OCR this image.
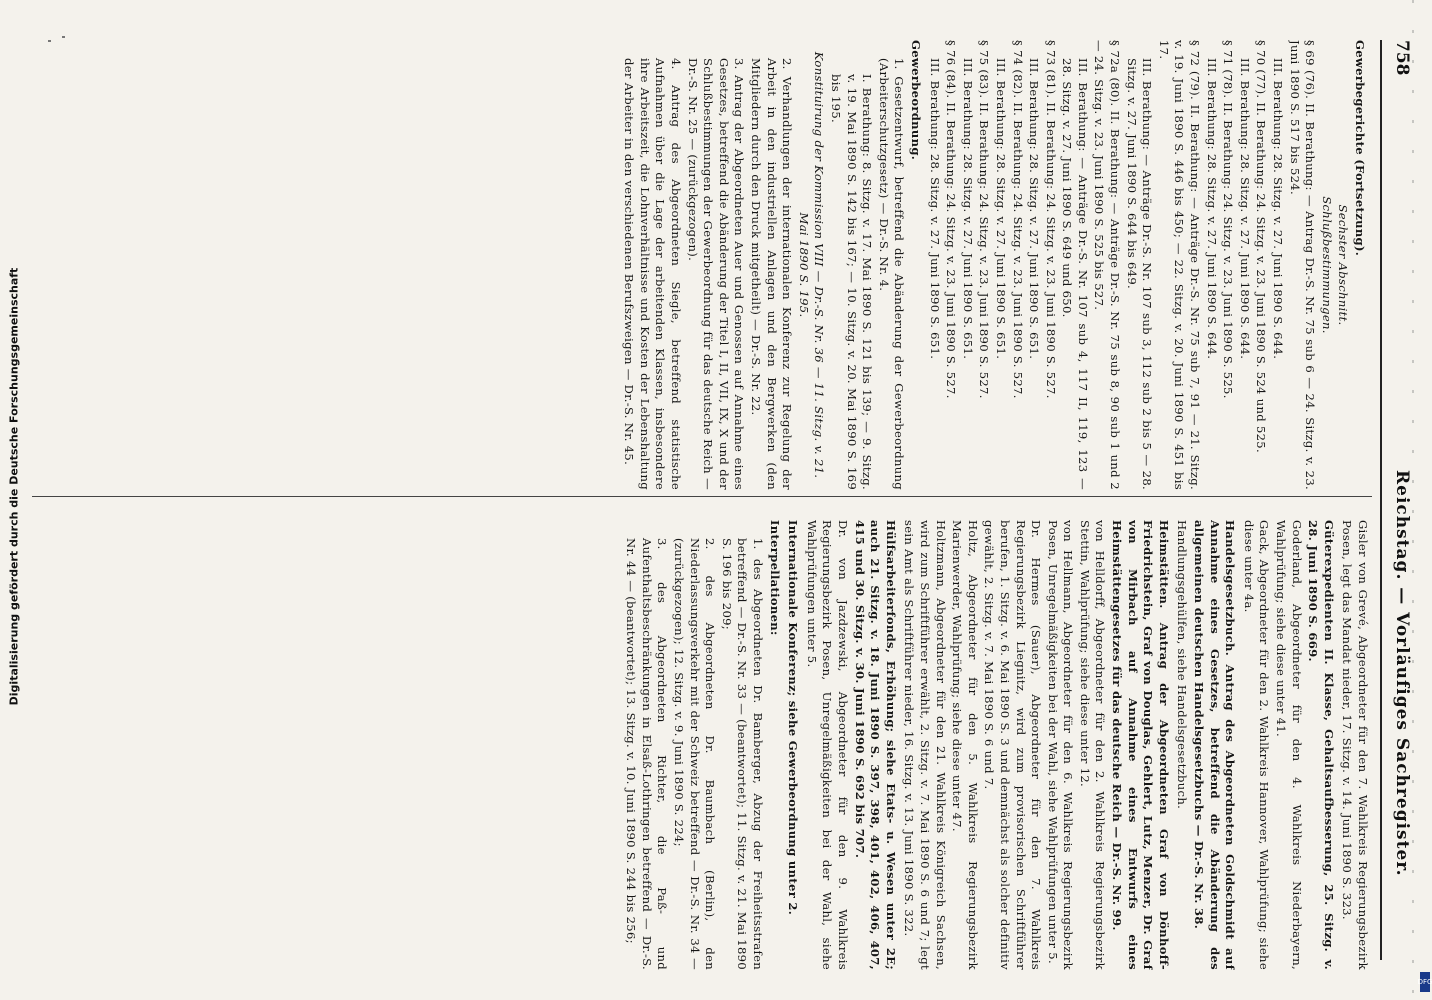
758
Reichstag. — Vorläufiges Sachregister.
Gewerbegerichte (Fortsetzung).
Sechster Abschnitt.
Schlußbestimmungen.
§ 69 (76). II. Berathung: — Antrag Dr.-S. Nr. 75 sub 6 — 24. Sitzg. v. 23. Juni 1890 S. 517 bis 524.
III. Berathung: 28. Sitzg. v. 27. Juni 1890 S. 644.
§ 70 (77). II. Berathung: 24. Sitzg. v. 23. Juni 1890 S. 524 und 525.
III. Berathung: 28. Sitzg. v. 27. Juni 1890 S. 644.
§ 71 (78). II. Berathung: 24. Sitzg. v. 23. Juni 1890 S. 525.
III. Berathung: 28. Sitzg. v. 27. Juni 1890 S. 644.
§ 72 (79). II. Berathung: — Anträge Dr.-S. Nr. 75 sub 7, 91 — 21. Sitzg. v. 19. Juni 1890 S. 446 bis 450; — 22. Sitzg. v. 20. Juni 1890 S. 451 bis 17.
III. Berathung: — Anträge Dr.-S. Nr. 107 sub 3, 112 sub 2 bis 5 — 28. Sitzg. v. 27. Juni 1890 S. 644 bis 649.
§ 72a (80). II. Berathung: — Anträge Dr.-S. Nr. 75 sub 8, 90 sub 1 und 2 — 24. Sitzg. v. 23. Juni 1890 S. 525 bis 527.
III. Berathung: — Anträge Dr.-S. Nr. 107 sub 4, 117 II, 119, 123 — 28. Sitzg. v. 27. Juni 1890 S. 649 und 650.
§ 73 (81). II. Berathung: 24. Sitzg. v. 23. Juni 1890 S. 527.
III. Berathung: 28. Sitzg. v. 27. Juni 1890 S. 651.
§ 74 (82). II. Berathung: 24. Sitzg. v. 23. Juni 1890 S. 527.
III. Berathung: 28. Sitzg. v. 27. Juni 1890 S. 651.
§ 75 (83). II. Berathung: 24. Sitzg. v. 23. Juni 1890 S. 527.
III. Berathung: 28. Sitzg. v. 27. Juni 1890 S. 651.
§ 76 (84). II. Berathung: 24. Sitzg. v. 23. Juni 1890 S. 527.
III. Berathung: 28. Sitzg. v. 27. Juni 1890 S. 651.
Gewerbeordnung.
1. Gesetzentwurf, betreffend die Abänderung der Gewerbeordnung (Arbeiterschutzgesetz) — Dr.-S. Nr. 4.
I. Berathung: 8. Sitzg. v. 17. Mai 1890 S. 121 bis 139; — 9. Sitzg. v. 19. Mai 1890 S. 142 bis 167; — 10. Sitzg. v. 20. Mai 1890 S. 169 bis 195.
Konstituirung der Kommission VIII — Dr.-S. Nr. 36 — 11. Sitzg. v. 21. Mai 1890 S. 195.
2. Verhandlungen der internationalen Konferenz zur Regelung der Arbeit in den industriellen Anlagen und den Bergwerken (den Mitgliedern durch den Druck mitgetheilt) — Dr.-S. Nr. 22.
3. Antrag der Abgeordneten Auer und Genossen auf Annahme eines Gesetzes, betreffend die Abänderung der Titel I, II, VII, IX, X und der Schlußbestimmungen der Gewerbeordnung für das deutsche Reich — Dr.-S. Nr. 25 — (zurückgezogen).
4. Antrag des Abgeordneten Siegle, betreffend statistische Aufnahmen über die Lage der arbeitenden Klassen, insbesondere ihre Arbeitszeit, die Lohnverhältnisse und Kosten der Lebenshaltung der Arbeiter in den verschiedenen Berufszweigen — Dr.-S. Nr. 45.
Gisler von Grevé, Abgeordneter für den 7. Wahlkreis Regierungsbezirk Posen, legt das Mandat nieder, 17. Sitzg. v. 14. Juni 1890 S. 323.
Güterexpedienten II. Klasse, Gehaltsaufbesserung, 25. Sitzg. v. 28. Juni 1890 S. 669.
Goderland, Abgeordneter für den 4. Wahlkreis Niederbayern, Wahlprüfung; siehe diese unter 41.
Gack, Abgeordneter für den 2. Wahlkreis Hannover, Wahlprüfung; siehe diese unter 4a.
Handelsgesetzbuch. Antrag des Abgeordneten Goldschmidt auf Annahme eines Gesetzes, betreffend die Abänderung des allgemeinen deutschen Handelsgesetzbuchs — Dr.-S. Nr. 38.
Handlungsgehülfen, siehe Handelsgesetzbuch.
Heimstätten. Antrag der Abgeordneten Graf von Dönhoff-Friedrichstein, Graf von Douglas, Gehlert, Lutz, Menzer, Dr. Graf von Mirbach auf Annahme eines Entwurfs eines Heimstättengesetzes für das deutsche Reich — Dr.-S. Nr. 99.
von Helldorff, Abgeordneter für den 2. Wahlkreis Regierungsbezirk Stettin, Wahlprüfung; siehe diese unter 12.
von Hellmann, Abgeordneter für den 6. Wahlkreis Regierungsbezirk Posen, Unregelmäßigkeiten bei der Wahl, siehe Wahlprüfungen unter 5.
Dr. Hermes (Sauer), Abgeordneter für den 7. Wahlkreis Regierungsbezirk Liegnitz, wird zum provisorischen Schriftführer berufen, 1. Sitzg. v. 6. Mai 1890 S. 3 und demnächst als solcher definitiv gewählt, 2. Sitzg. v. 7. Mai 1890 S. 6 und 7.
Holtz, Abgeordneter für den 5. Wahlkreis Regierungsbezirk Marienwerder, Wahlprüfung; siehe diese unter 47.
Holtzmann, Abgeordneter für den 21. Wahlkreis Königreich Sachsen, wird zum Schriftführer erwählt, 2. Sitzg. v. 7. Mai 1890 S. 6 und 7; legt sein Amt als Schriftführer nieder, 16. Sitzg. v. 13. Juni 1890 S. 322.
Hülfsarbeiterfonds, Erhöhung; siehe Etats- u. Wesen unter 2E; auch 21. Sitzg. v. 18. Juni 1890 S. 397, 398, 401, 402, 406, 407, 415 und 30. Sitzg. v. 30. Juni 1890 S. 692 bis 707.
Dr. von Jazdzewski, Abgeordneter für den 9. Wahlkreis Regierungsbezirk Posen, Unregelmäßigkeiten bei der Wahl, siehe Wahlprüfungen unter 5.
Internationale Konferenz; siehe Gewerbeordnung unter 2.
Interpellationen:
1. des Abgeordneten Dr. Bamberger, Abzug der Freiheitsstrafen betreffend — Dr.-S. Nr. 33 — (beantwortet); 11. Sitzg. v. 21. Mai 1890 S. 196 bis 209;
2. des Abgeordneten Dr. Baumbach (Berlin), den Niederlassungsverkehr mit der Schweiz betreffend — Dr.-S. Nr. 34 — (zurückgezogen); 12. Sitzg. v. 9. Juni 1890 S. 224;
3. des Abgeordneten Richter, die Paß- und Aufenthaltsbeschränkungen in Elsaß-Lothringen betreffend — Dr.-S. Nr. 44 — (beantwortet); 13. Sitzg. v. 10. Juni 1890 S. 244 bis 256;
Digitalisierung gefördert durch die Deutsche Forschungsgemeinschaft
DFG
